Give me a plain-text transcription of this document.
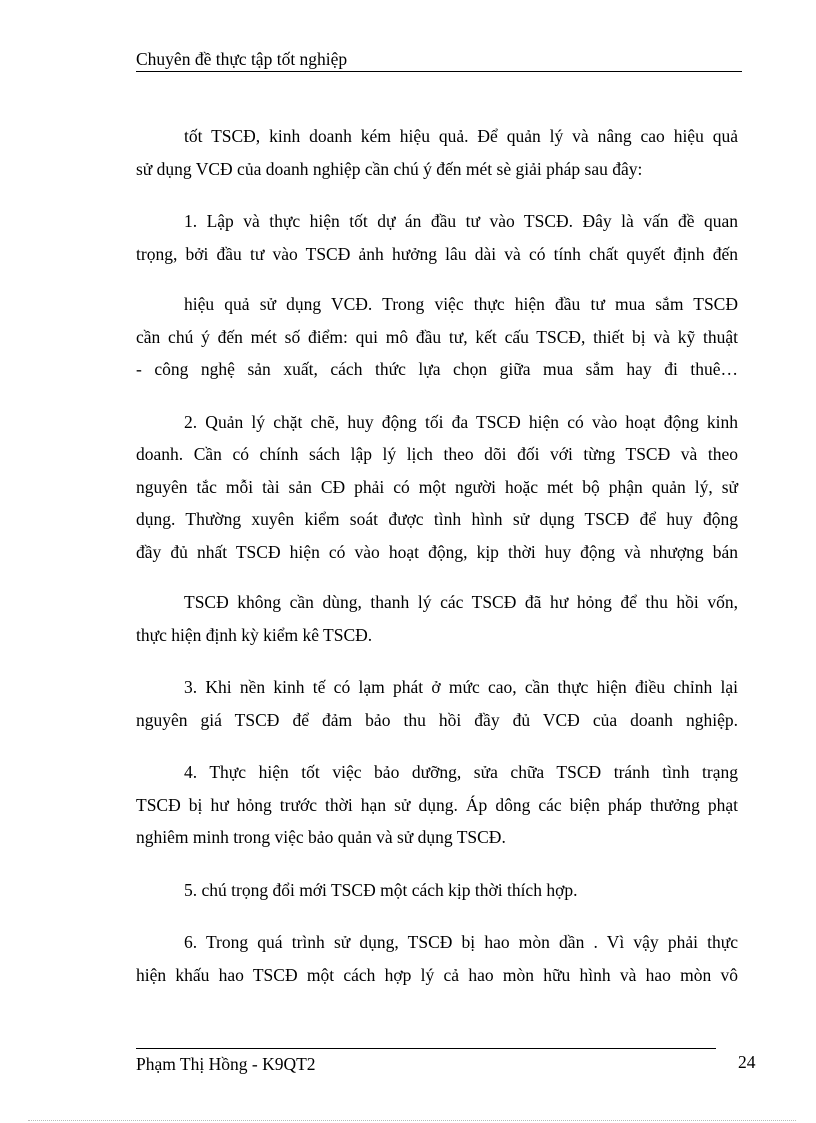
Chuyên đề thực tập tốt nghiệp

tốt TSCĐ, kinh doanh kém hiệu quả. Để quản lý và nâng cao hiệu quả
sử dụng VCĐ của doanh nghiệp cần chú ý đến mét sè giải pháp sau đây:

1. Lập và thực hiện tốt dự án đầu tư vào TSCĐ. Đây là vấn đề quan
trọng, bởi đầu tư vào TSCĐ ảnh hưởng lâu dài và có tính chất quyết định đến

hiệu quả sử dụng VCĐ. Trong việc thực hiện đầu tư mua sắm TSCĐ
cần chú ý đến mét số điểm: qui mô đầu tư, kết cấu TSCĐ, thiết bị và kỹ thuật
- công nghệ sản xuất, cách thức lựa chọn giữa mua sắm hay đi thuê…

2. Quản lý chặt chẽ, huy động tối đa TSCĐ hiện có vào hoạt động kinh
doanh. Cần có chính sách lập lý lịch theo dõi đối với từng TSCĐ và theo
nguyên tắc mỗi tài sản CĐ phải có một người hoặc mét bộ phận quản lý, sử
dụng. Thường xuyên kiểm soát được tình hình sử dụng TSCĐ để huy động
đầy đủ nhất TSCĐ hiện có vào hoạt động, kịp thời huy động và nhượng bán

TSCĐ không cần dùng, thanh lý các TSCĐ đã hư hỏng để thu hồi vốn,
thực hiện định kỳ kiểm kê TSCĐ.

3. Khi nền kinh tế có lạm phát ở mức cao, cần thực hiện điều chỉnh lại
nguyên giá TSCĐ để đảm bảo thu hồi đầy đủ VCĐ của doanh nghiệp.

4. Thực hiện tốt việc bảo dưỡng, sửa chữa TSCĐ tránh tình trạng
TSCĐ bị hư hỏng trước thời hạn sử dụng. Áp dông các biện pháp thưởng phạt
nghiêm minh trong việc bảo quản và sử dụng TSCĐ.

5. chú trọng đổi mới TSCĐ một cách kịp thời thích hợp.

6. Trong quá trình sử dụng, TSCĐ bị hao mòn dần . Vì vậy phải thực
hiện khấu hao TSCĐ một cách hợp lý cả hao mòn hữu hình và hao mòn vô

Phạm Thị Hồng - K9QT2	24
